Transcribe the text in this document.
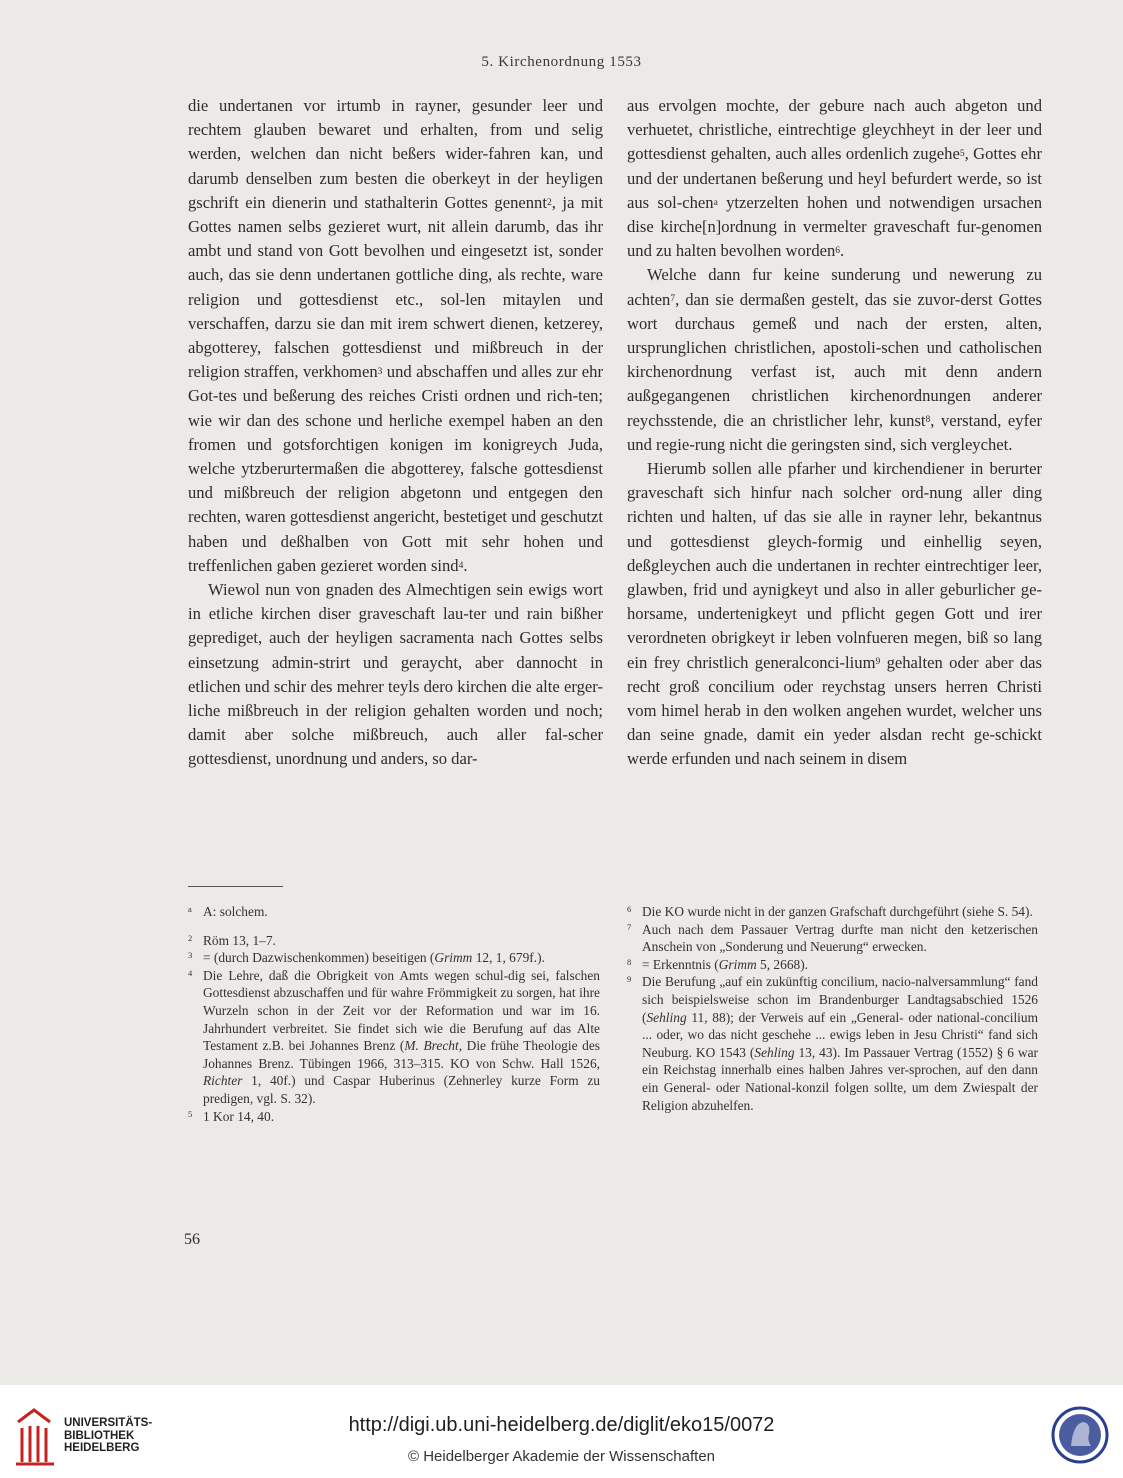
5. Kirchenordnung 1553

die undertanen vor irtumb in rayner, gesunder leer und rechtem glauben bewaret und erhalten, from und selig werden, welchen dan nicht beßers wider-fahren kan, und darumb denselben zum besten die oberkeyt in der heyligen gschrift ein dienerin und stathalterin Gottes genennt$^2$, ja mit Gottes namen selbs gezieret wurt, nit allein darumb, das ihr ambt und stand von Gott bevolhen und eingesetzt ist, sonder auch, das sie denn undertanen gottliche ding, als rechte, ware religion und gottesdienst etc., sol-len mitaylen und verschaffen, darzu sie dan mit irem schwert dienen, ketzerey, abgotterey, falschen gottesdienst und mißbreuch in der religion straffen, verkhomen$^3$ und abschaffen und alles zur ehr Got-tes und beßerung des reiches Cristi ordnen und rich-ten; wie wir dan des schone und herliche exempel haben an den fromen und gotsforchtigen konigen im konigreych Juda, welche ytzberurtermaßen die abgotterey, falsche gottesdienst und mißbreuch der religion abgetonn und entgegen den rechten, waren gottesdienst angericht, bestetiget und geschutzt haben und deßhalben von Gott mit sehr hohen und treffenlichen gaben gezieret worden sind$^4$.

Wiewol nun von gnaden des Almechtigen sein ewigs wort in etliche kirchen diser graveschaft lau-ter und rain bißher geprediget, auch der heyligen sacramenta nach Gottes selbs einsetzung admin-strirt und geraycht, aber dannocht in etlichen und schir des mehrer teyls dero kirchen die alte erger-liche mißbreuch in der religion gehalten worden und noch; damit aber solche mißbreuch, auch aller fal-scher gottesdienst, unordnung und anders, so dar-

aus ervolgen mochte, der gebure nach auch abgeton und verhuetet, christliche, eintrechtige gleychheyt in der leer und gottesdienst gehalten, auch alles ordenlich zugehe$^5$, Gottes ehr und der undertanen beßerung und heyl befurdert werde, so ist aus sol-chen$^a$ ytzerzelten hohen und notwendigen ursachen dise kirche[n]ordnung in vermelter graveschaft fur-genomen und zu halten bevolhen worden$^6$.

Welche dann fur keine sunderung und newerung zu achten$^7$, dan sie dermaßen gestelt, das sie zuvor-derst Gottes wort durchaus gemeß und nach der ersten, alten, ursprunglichen christlichen, apostoli-schen und catholischen kirchenordnung verfast ist, auch mit denn andern außgegangenen christlichen kirchenordnungen anderer reychsstende, die an christlicher lehr, kunst$^8$, verstand, eyfer und regie-rung nicht die geringsten sind, sich vergleychet.

Hierumb sollen alle pfarher und kirchendiener in berurter graveschaft sich hinfur nach solcher ord-nung aller ding richten und halten, uf das sie alle in rayner lehr, bekantnus und gottesdienst gleych-formig und einhellig seyen, deßgleychen auch die undertanen in rechter eintrechtiger leer, glawben, frid und aynigkeyt und also in aller geburlicher ge-horsame, undertenigkeyt und pflicht gegen Gott und irer verordneten obrigkeyt ir leben volnfueren megen, biß so lang ein frey christlich generalconci-lium$^9$ gehalten oder aber das recht groß concilium oder reychstag unsers herren Christi vom himel herab in den wolken angehen wurdet, welcher uns dan seine gnade, damit ein yeder alsdan recht ge-schickt werde erfunden und nach seinem in disem

a A: solchem.
2 Röm 13, 1–7.
3 = (durch Dazwischenkommen) beseitigen (Grimm 12, 1, 679f.).
4 Die Lehre, daß die Obrigkeit von Amts wegen schul-dig sei, falschen Gottesdienst abzuschaffen und für wahre Frömmigkeit zu sorgen, hat ihre Wurzeln schon in der Zeit vor der Reformation und war im 16. Jahrhundert verbreitet. Sie findet sich wie die Berufung auf das Alte Testament z.B. bei Johannes Brenz (M. Brecht, Die frühe Theologie des Johannes Brenz. Tübingen 1966, 313–315. KO von Schw. Hall 1526, Richter 1, 40f.) und Caspar Huberinus (Zehnerley kurze Form zu predigen, vgl. S. 32).
5 1 Kor 14, 40.
6 Die KO wurde nicht in der ganzen Grafschaft durchgeführt (siehe S. 54).
7 Auch nach dem Passauer Vertrag durfte man nicht den ketzerischen Anschein von „Sonderung und Neuerung“ erwecken.
8 = Erkenntnis (Grimm 5, 2668).
9 Die Berufung „auf ein zukünftig concilium, nacio-nalversammlung“ fand sich beispielsweise schon im Brandenburger Landtagsabschied 1526 (Sehling 11, 88); der Verweis auf ein „General- oder national-concilium ... oder, wo das nicht geschehe ... ewigs leben in Jesu Christi“ fand sich Neuburg. KO 1543 (Sehling 13, 43). Im Passauer Vertrag (1552) § 6 war ein Reichstag innerhalb eines halben Jahres ver-sprochen, auf den dann ein General- oder National-konzil folgen sollte, um dem Zwiespalt der Religion abzuhelfen.
56
UNIVERSITÄTS-
BIBLIOTHEK
HEIDELBERG
http://digi.ub.uni-heidelberg.de/diglit/eko15/0072
© Heidelberger Akademie der Wissenschaften
